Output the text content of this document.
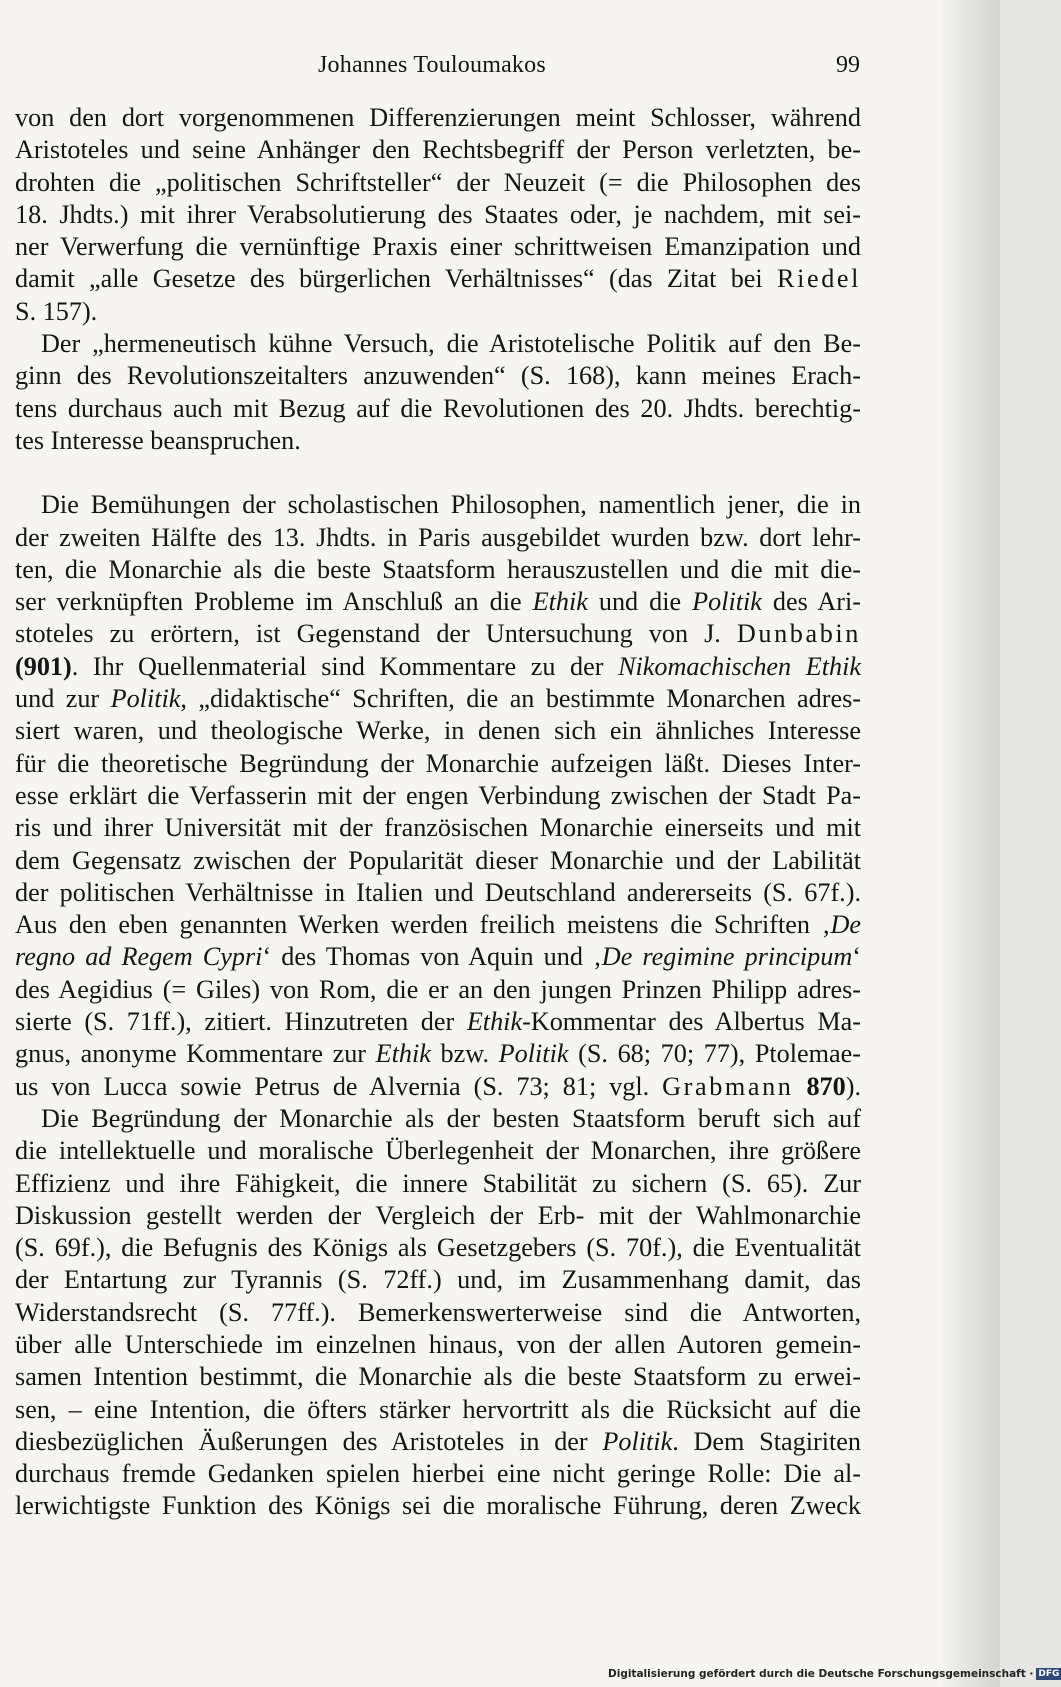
Johannes Touloumakos	99

von den dort vorgenommenen Differenzierungen meint Schlosser, während
Aristoteles und seine Anhänger den Rechtsbegriff der Person verletzten, be-
drohten die „politischen Schriftsteller“ der Neuzeit (= die Philosophen des
18. Jhdts.) mit ihrer Verabsolutierung des Staates oder, je nachdem, mit sei-
ner Verwerfung die vernünftige Praxis einer schrittweisen Emanzipation und
damit „alle Gesetze des bürgerlichen Verhältnisses“ (das Zitat bei Riedel
S. 157).

Der „hermeneutisch kühne Versuch, die Aristotelische Politik auf den Be-
ginn des Revolutionszeitalters anzuwenden“ (S. 168), kann meines Erach-
tens durchaus auch mit Bezug auf die Revolutionen des 20. Jhdts. berechtig-
tes Interesse beanspruchen.

Die Bemühungen der scholastischen Philosophen, namentlich jener, die in
der zweiten Hälfte des 13. Jhdts. in Paris ausgebildet wurden bzw. dort lehr-
ten, die Monarchie als die beste Staatsform herauszustellen und die mit die-
ser verknüpften Probleme im Anschluß an die Ethik und die Politik des Ari-
stoteles zu erörtern, ist Gegenstand der Untersuchung von J. Dunbabin
(901). Ihr Quellenmaterial sind Kommentare zu der Nikomachischen Ethik
und zur Politik, „didaktische“ Schriften, die an bestimmte Monarchen adres-
siert waren, und theologische Werke, in denen sich ein ähnliches Interesse
für die theoretische Begründung der Monarchie aufzeigen läßt. Dieses Inter-
esse erklärt die Verfasserin mit der engen Verbindung zwischen der Stadt Pa-
ris und ihrer Universität mit der französischen Monarchie einerseits und mit
dem Gegensatz zwischen der Popularität dieser Monarchie und der Labilität
der politischen Verhältnisse in Italien und Deutschland andererseits (S. 67f.).
Aus den eben genannten Werken werden freilich meistens die Schriften ‚De
regno ad Regem Cypri‘ des Thomas von Aquin und ‚De regimine principum‘
des Aegidius (= Giles) von Rom, die er an den jungen Prinzen Philipp adres-
sierte (S. 71ff.), zitiert. Hinzutreten der Ethik-Kommentar des Albertus Ma-
gnus, anonyme Kommentare zur Ethik bzw. Politik (S. 68; 70; 77), Ptolemae-
us von Lucca sowie Petrus de Alvernia (S. 73; 81; vgl. Grabmann 870).

Die Begründung der Monarchie als der besten Staatsform beruft sich auf
die intellektuelle und moralische Überlegenheit der Monarchen, ihre größere
Effizienz und ihre Fähigkeit, die innere Stabilität zu sichern (S. 65). Zur
Diskussion gestellt werden der Vergleich der Erb- mit der Wahlmonarchie
(S. 69f.), die Befugnis des Königs als Gesetzgebers (S. 70f.), die Eventualität
der Entartung zur Tyrannis (S. 72ff.) und, im Zusammenhang damit, das
Widerstandsrecht (S. 77ff.). Bemerkenswerterweise sind die Antworten,
über alle Unterschiede im einzelnen hinaus, von der allen Autoren gemein-
samen Intention bestimmt, die Monarchie als die beste Staatsform zu erwei-
sen, – eine Intention, die öfters stärker hervortritt als die Rücksicht auf die
diesbezüglichen Äußerungen des Aristoteles in der Politik. Dem Stagiriten
durchaus fremde Gedanken spielen hierbei eine nicht geringe Rolle: Die al-
lerwichtigste Funktion des Königs sei die moralische Führung, deren Zweck

Digitalisierung gefördert durch die Deutsche Forschungsgemeinschaft · DFG
